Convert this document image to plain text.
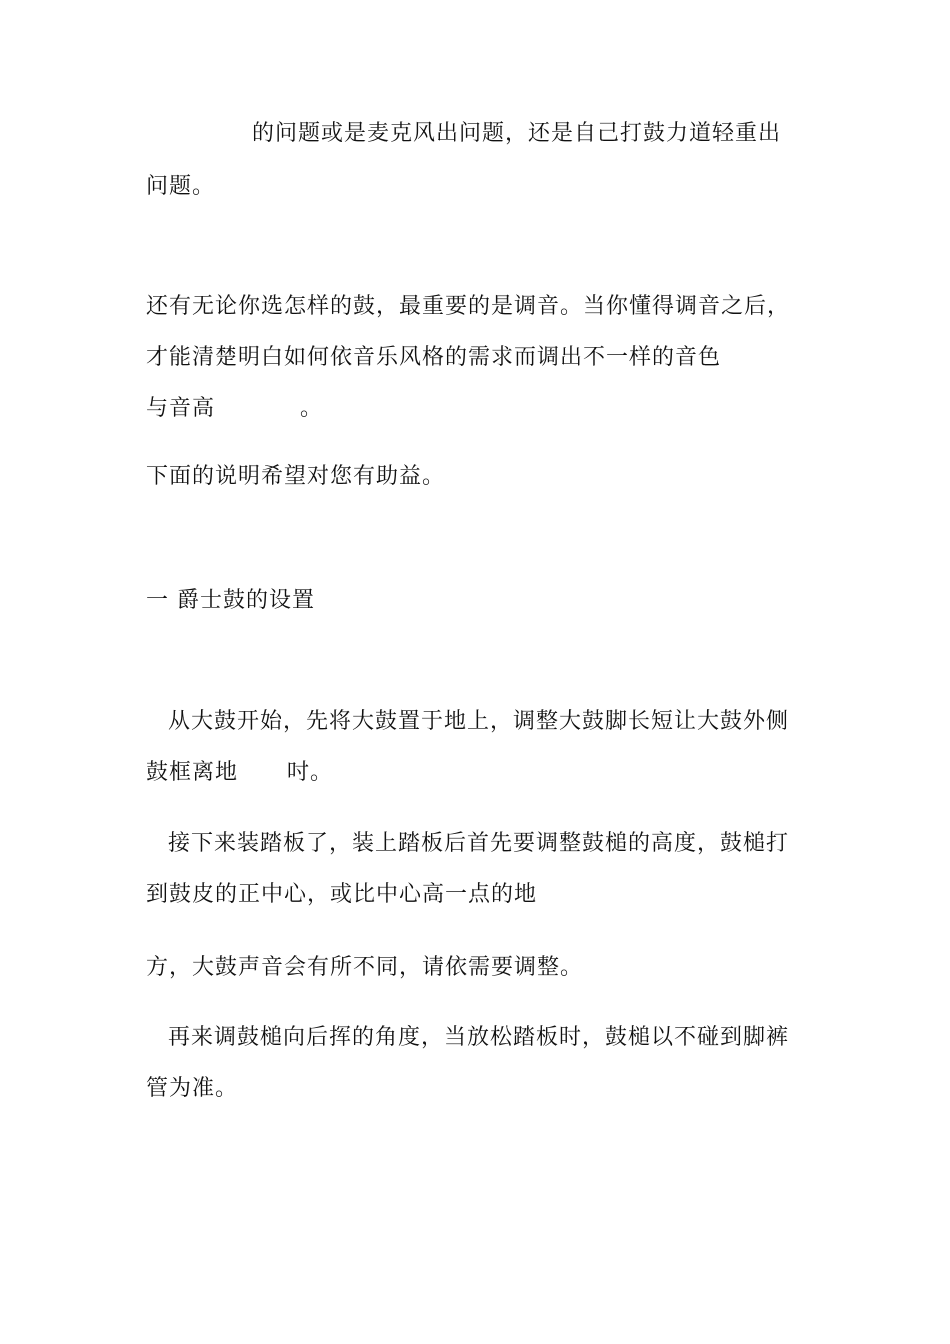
的问题或是麦克风出问题，还是自己打鼓力道轻重出
问题。
还有无论你选怎样的鼓，最重要的是调音。当你懂得调音之后，
才能清楚明白如何依音乐风格的需求而调出不一样的音色
与音高	。
下面的说明希望对您有助益。
一 爵士鼓的设置
从大鼓开始，先将大鼓置于地上，调整大鼓脚长短让大鼓外侧
鼓框离地 吋。
接下来装踏板了，装上踏板后首先要调整鼓槌的高度，鼓槌打
到鼓皮的正中心，或比中心高一点的地
方，大鼓声音会有所不同，请依需要调整。
再来调鼓槌向后挥的角度，当放松踏板时，鼓槌以不碰到脚裤
管为准。
